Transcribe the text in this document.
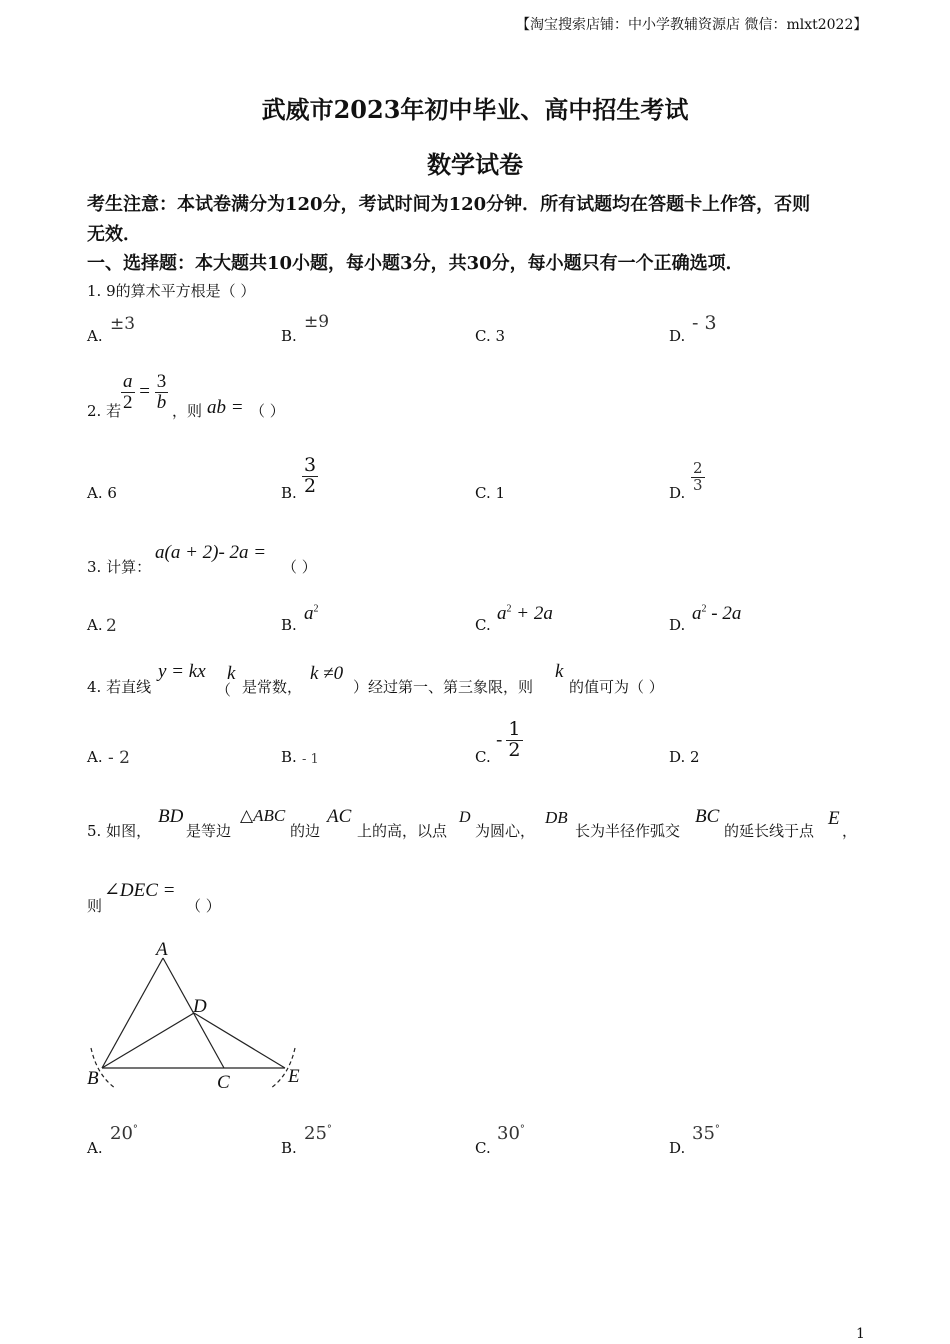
【淘宝搜索店铺：中小学教辅资源店 微信：mlxt2022】
武威市2023年初中毕业、高中招生考试
数学试卷
考生注意：本试卷满分为120分，考试时间为120分钟．所有试题均在答题卡上作答，否则
无效．
一、选择题：本大题共10小题，每小题3分，共30分，每小题只有一个正确选项．
1. 9的算术平方根是（ ）
A.
±3
B.
±9
C. 3	D.
- 3
2. 若 $\frac{a}{2} = \frac{3}{b}$ ，则 ab = （ ）
A. 6	B. $\frac{3}{2}$	C. 1	D. $\frac{2}{3}$
3. 计算：
a(a + 2)- 2a =
（ ）
A. 2	B.
$a^2$
C.
$a^2 + 2a$
D.
$a^2 - 2a$
4. 若直线
y = kx
（
k
是常数，
k ≠0
）经过第一、第三象限，则
k
的值可为（ ）
A. - 2	B. - 1	C.
- $\frac{1}{2}$	D. 2
5. 如图，
BD
是等边
△ABC
的边
AC
上的高，以点
D
为圆心，
DB
长为半径作弧交
BC
的延长线于点
E
，
则
∠DEC =
（ ）
A
D
B	C	E
A.
20°
B.
25°
C.
30°
D.
35°
1
